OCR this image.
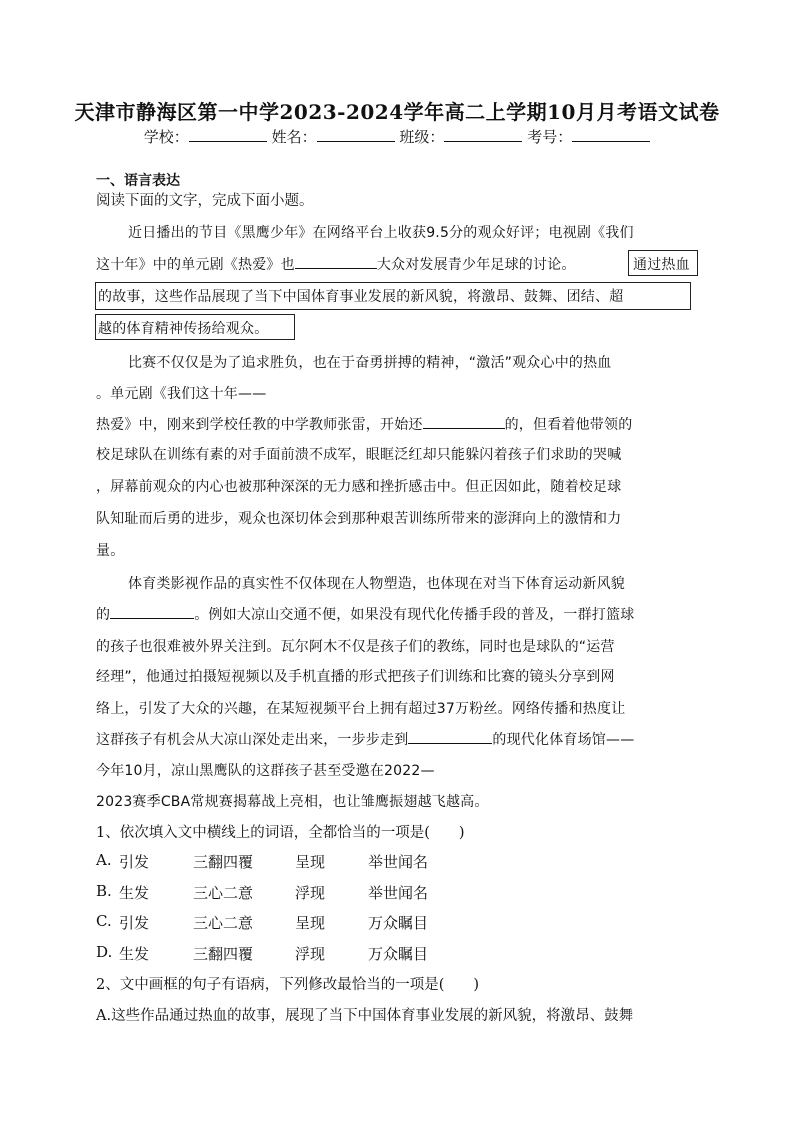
天津市静海区第一中学2023-2024学年高二上学期10月月考语文试卷
学校：	姓名：	班级：	考号：
一、语言表达
阅读下面的文字，完成下面小题。
近日播出的节目《黑鹰少年》在网络平台上收获9.5分的观众好评；电视剧《我们
这十年》中的单元剧《热爱》也	大众对发展青少年足球的讨论。	通过热血
的故事，这些作品展现了当下中国体育事业发展的新风貌，将激昂、鼓舞、团结、超
越的体育精神传扬给观众。
比赛不仅仅是为了追求胜负，也在于奋勇拼搏的精神，“激活”观众心中的热血
。单元剧《我们这十年——
热爱》中，刚来到学校任教的中学教师张雷，开始还	的，但看着他带领的
校足球队在训练有素的对手面前溃不成军，眼眶泛红却只能躲闪着孩子们求助的哭喊
，屏幕前观众的内心也被那种深深的无力感和挫折感击中。但正因如此，随着校足球
队知耻而后勇的进步，观众也深切体会到那种艰苦训练所带来的澎湃向上的激情和力
量。
体育类影视作品的真实性不仅体现在人物塑造，也体现在对当下体育运动新风貌
的	。例如大凉山交通不便，如果没有现代化传播手段的普及，一群打篮球
的孩子也很难被外界关注到。瓦尔阿木不仅是孩子们的教练，同时也是球队的“运营
经理”，他通过拍摄短视频以及手机直播的形式把孩子们训练和比赛的镜头分享到网
络上，引发了大众的兴趣，在某短视频平台上拥有超过37万粉丝。网络传播和热度让
这群孩子有机会从大凉山深处走出来，一步步走到	的现代化体育场馆——
今年10月，凉山黑鹰队的这群孩子甚至受邀在2022—
2023赛季CBA常规赛揭幕战上亮相，也让雏鹰振翅越飞越高。
1、依次填入文中横线上的词语，全都恰当的一项是(　　)
A. 引发	三翻四覆	呈现	举世闻名
B. 生发	三心二意	浮现	举世闻名
C. 引发	三心二意	呈现	万众瞩目
D. 生发	三翻四覆	浮现	万众瞩目
2、文中画框的句子有语病，下列修改最恰当的一项是(　　)
A.这些作品通过热血的故事，展现了当下中国体育事业发展的新风貌，将激昂、鼓舞
